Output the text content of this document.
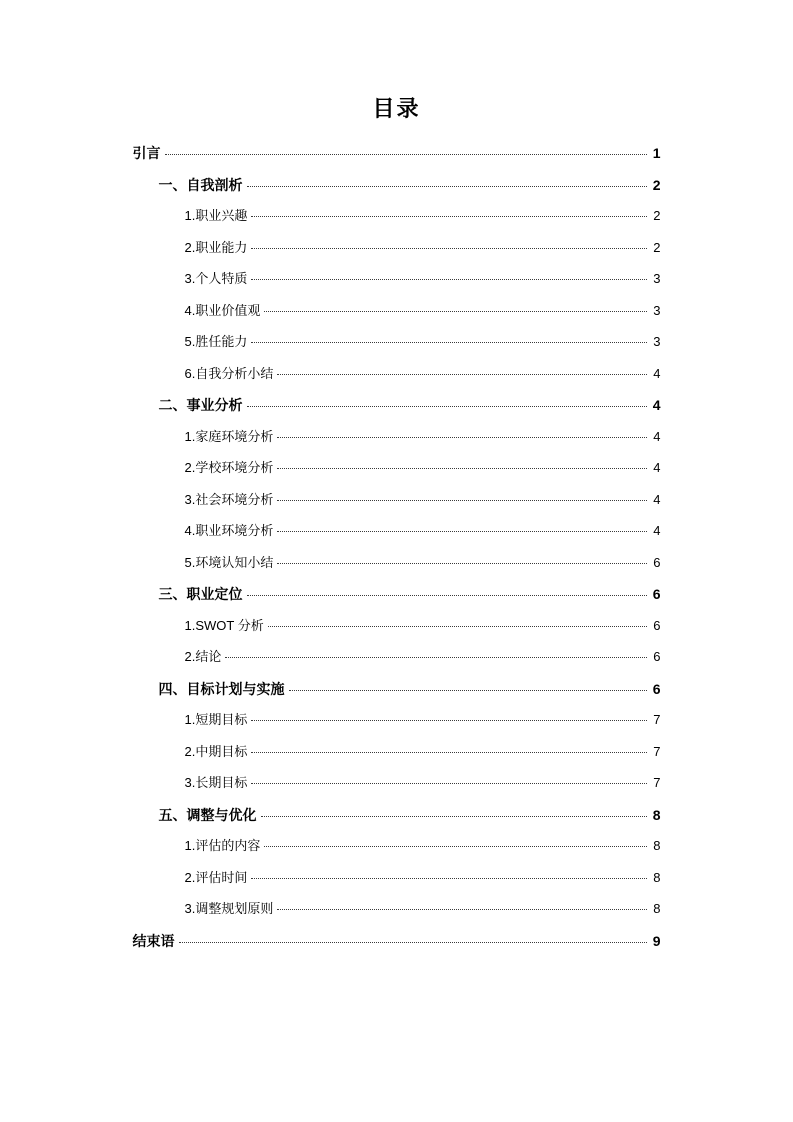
目录
引言	1
一、自我剖析	2
1.职业兴趣	2
2.职业能力	2
3.个人特质	3
4.职业价值观	3
5.胜任能力	3
6.自我分析小结	4
二、事业分析	4
1.家庭环境分析	4
2.学校环境分析	4
3.社会环境分析	4
4.职业环境分析	4
5.环境认知小结	6
三、职业定位	6
1.SWOT 分析	6
2.结论	6
四、目标计划与实施	6
1.短期目标	7
2.中期目标	7
3.长期目标	7
五、调整与优化	8
1.评估的内容	8
2.评估时间	8
3.调整规划原则	8
结束语	9
